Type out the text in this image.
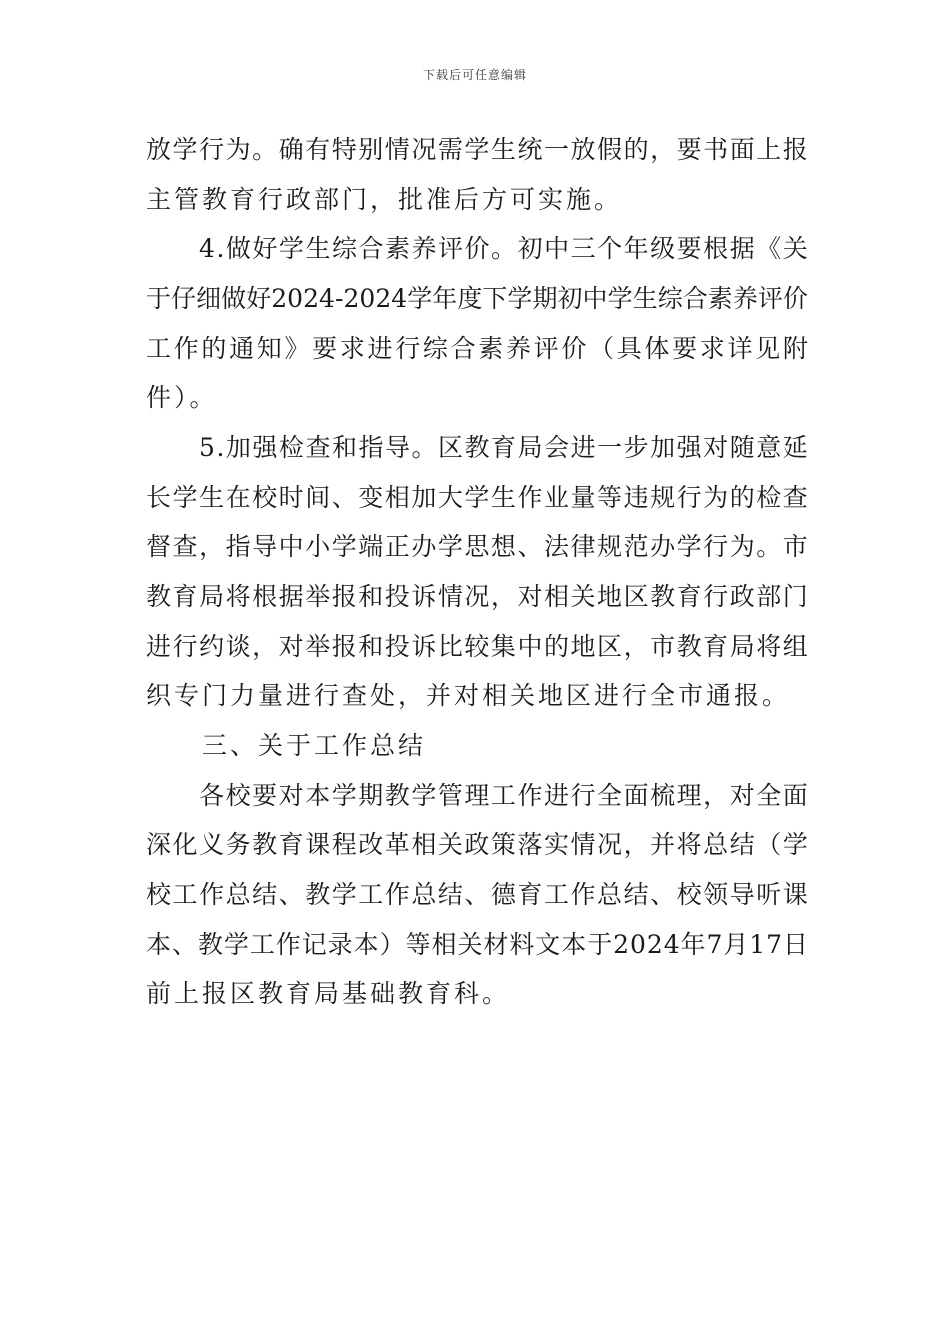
下载后可任意编辑
放 学 行 为 。 确 有 特 别 情 况 需 学 生 统 一 放 假 的 ， 要 书 面 上 报
主管教育行政部门，批准后方可实施。

4 . 做 好 学 生 综 合 素 养 评 价 。 初 中 三 个 年 级 要 根 据 《 关
于 仔 细 做 好 2 0 2 4 - 2 0 2 4 学 年 度 下 学 期 初 中 学 生 综 合 素 养 评 价
工 作 的 通 知 》 要 求 进 行 综 合 素 养 评 价 （ 具 体 要 求 详 见 附
件）。

5 . 加 强 检 查 和 指 导 。 区 教 育 局 会 进 一 步 加 强 对 随 意 延
长 学 生 在 校 时 间 、 变 相 加 大 学 生 作 业 量 等 违 规 行 为 的 检 查
督 查 ， 指 导 中 小 学 端 正 办 学 思 想 、 法 律 规 范 办 学 行 为 。 市
教 育 局 将 根 据 举 报 和 投 诉 情 况 ， 对 相 关 地 区 教 育 行 政 部 门
进 行 约 谈 ， 对 举 报 和 投 诉 比 较 集 中 的 地 区 ， 市 教 育 局 将 组
织专门力量进行查处，并对相关地区进行全市通报。
　　三、关于工作总结

各 校 要 对 本 学 期 教 学 管 理 工 作 进 行 全 面 梳 理 ， 对 全 面
深 化 义 务 教 育 课 程 改 革 相 关 政 策 落 实 情 况 ， 并 将 总 结 （ 学
校 工 作 总 结 、 教 学 工 作 总 结 、 德 育 工 作 总 结 、 校 领 导 听 课
本 、 教 学 工 作 记 录 本 ） 等 相 关 材 料 文 本 于 2 0 2 4 年 7 月 1 7 日
前上报区教育局基础教育科。
